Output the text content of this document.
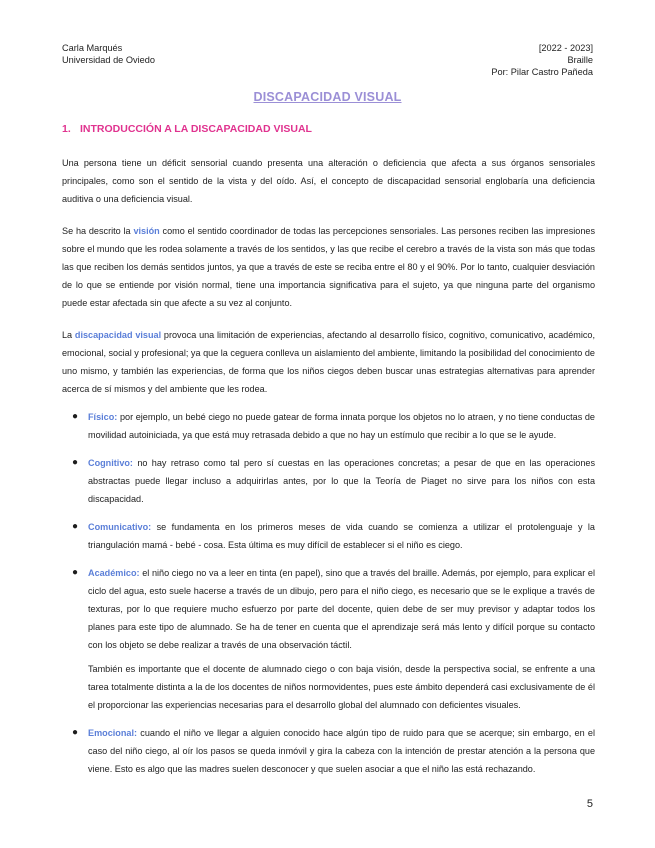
Carla Marqués
Universidad de Oviedo
[2022 - 2023]
Braille
Por: Pilar Castro Pañeda
DISCAPACIDAD VISUAL
1. INTRODUCCIÓN A LA DISCAPACIDAD VISUAL

Una persona tiene un déficit sensorial cuando presenta una alteración o deficiencia que afecta a sus órganos sensoriales principales, como son el sentido de la vista y del oído. Así, el concepto de discapacidad sensorial englobaría una deficiencia auditiva o una deficiencia visual.

Se ha descrito la visión como el sentido coordinador de todas las percepciones sensoriales. Las persones reciben las impresiones sobre el mundo que les rodea solamente a través de los sentidos, y las que recibe el cerebro a través de la vista son más que todas las que reciben los demás sentidos juntos, ya que a través de este se reciba entre el 80 y el 90%. Por lo tanto, cualquier desviación de lo que se entiende por visión normal, tiene una importancia significativa para el sujeto, ya que ninguna parte del organismo puede estar afectada sin que afecte a su vez al conjunto.

La discapacidad visual provoca una limitación de experiencias, afectando al desarrollo físico, cognitivo, comunicativo, académico, emocional, social y profesional; ya que la ceguera conlleva un aislamiento del ambiente, limitando la posibilidad del conocimiento de uno mismo, y también las experiencias, de forma que los niños ciegos deben buscar unas estrategias alternativas para aprender acerca de sí mismos y del ambiente que les rodea.

● Físico: por ejemplo, un bebé ciego no puede gatear de forma innata porque los objetos no lo atraen, y no tiene conductas de movilidad autoiniciada, ya que está muy retrasada debido a que no hay un estímulo que recibir a lo que se le ayude.
● Cognitivo: no hay retraso como tal pero sí cuestas en las operaciones concretas; a pesar de que en las operaciones abstractas puede llegar incluso a adquirirlas antes, por lo que la Teoría de Piaget no sirve para los niños con esta discapacidad.
● Comunicativo: se fundamenta en los primeros meses de vida cuando se comienza a utilizar el protolenguaje y la triangulación mamá - bebé - cosa. Esta última es muy difícil de establecer si el niño es ciego.
● Académico: el niño ciego no va a leer en tinta (en papel), sino que a través del braille. Además, por ejemplo, para explicar el ciclo del agua, esto suele hacerse a través de un dibujo, pero para el niño ciego, es necesario que se le explique a través de texturas, por lo que requiere mucho esfuerzo por parte del docente, quien debe de ser muy previsor y adaptar todos los planes para este tipo de alumnado. Se ha de tener en cuenta que el aprendizaje será más lento y difícil porque su contacto con los objeto se debe realizar a través de una observación táctil.

También es importante que el docente de alumnado ciego o con baja visión, desde la perspectiva social, se enfrente a una tarea totalmente distinta a la de los docentes de niños normovidentes, pues este ámbito dependerá casi exclusivamente de él el proporcionar las experiencias necesarias para el desarrollo global del alumnado con deficientes visuales.

● Emocional: cuando el niño ve llegar a alguien conocido hace algún tipo de ruido para que se acerque; sin embargo, en el caso del niño ciego, al oír los pasos se queda inmóvil y gira la cabeza con la intención de prestar atención a la persona que viene. Esto es algo que las madres suelen desconocer y que suelen asociar a que el niño las está rechazando.
5
